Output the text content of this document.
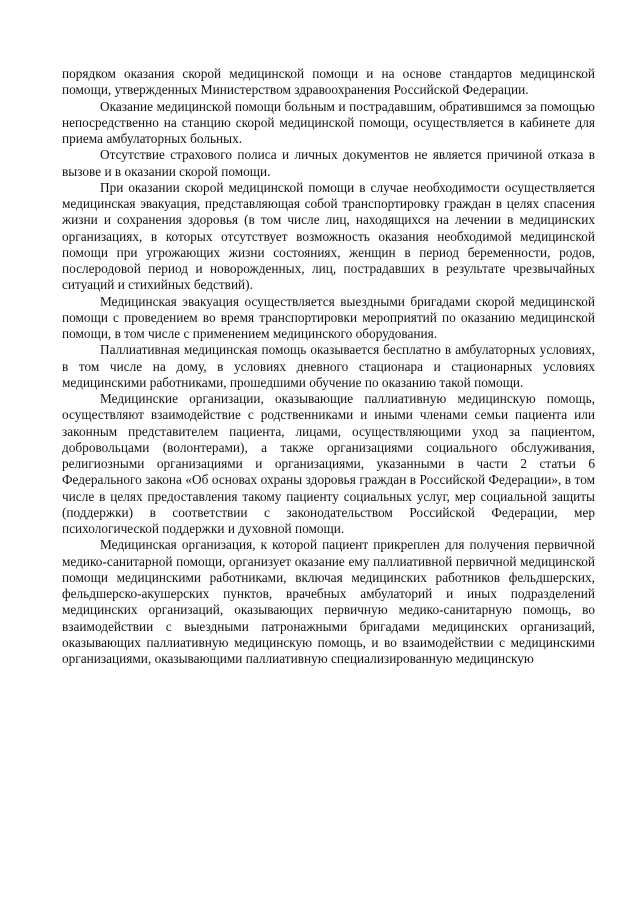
порядком оказания скорой медицинской помощи и на основе стандартов медицинской помощи, утвержденных Министерством здравоохранения Российской Федерации.

Оказание медицинской помощи больным и пострадавшим, обратившимся за помощью непосредственно на станцию скорой медицинской помощи, осуществляется в кабинете для приема амбулаторных больных.

Отсутствие страхового полиса и личных документов не является причиной отказа в вызове и в оказании скорой помощи.

При оказании скорой медицинской помощи в случае необходимости осуществляется медицинская эвакуация, представляющая собой транспортировку граждан в целях спасения жизни и сохранения здоровья (в том числе лиц, находящихся на лечении в медицинских организациях, в которых отсутствует возможность оказания необходимой медицинской помощи при угрожающих жизни состояниях, женщин в период беременности, родов, послеродовой период и новорожденных, лиц, пострадавших в результате чрезвычайных ситуаций и стихийных бедствий).

Медицинская эвакуация осуществляется выездными бригадами скорой медицинской помощи с проведением во время транспортировки мероприятий по оказанию медицинской помощи, в том числе с применением медицинского оборудования.

Паллиативная медицинская помощь оказывается бесплатно в амбулаторных условиях, в том числе на дому, в условиях дневного стационара и стационарных условиях медицинскими работниками, прошедшими обучение по оказанию такой помощи.

Медицинские организации, оказывающие паллиативную медицинскую помощь, осуществляют взаимодействие с родственниками и иными членами семьи пациента или законным представителем пациента, лицами, осуществляющими уход за пациентом, добровольцами (волонтерами), а также организациями социального обслуживания, религиозными организациями и организациями, указанными в части 2 статьи 6 Федерального закона «Об основах охраны здоровья граждан в Российской Федерации», в том числе в целях предоставления такому пациенту социальных услуг, мер социальной защиты (поддержки) в соответствии с законодательством Российской Федерации, мер психологической поддержки и духовной помощи.

Медицинская организация, к которой пациент прикреплен для получения первичной медико-санитарной помощи, организует оказание ему паллиативной первичной медицинской помощи медицинскими работниками, включая медицинских работников фельдшерских, фельдшерско-акушерских пунктов, врачебных амбулаторий и иных подразделений медицинских организаций, оказывающих первичную медико-санитарную помощь, во взаимодействии с выездными патронажными бригадами медицинских организаций, оказывающих паллиативную медицинскую помощь, и во взаимодействии с медицинскими организациями, оказывающими паллиативную специализированную медицинскую
